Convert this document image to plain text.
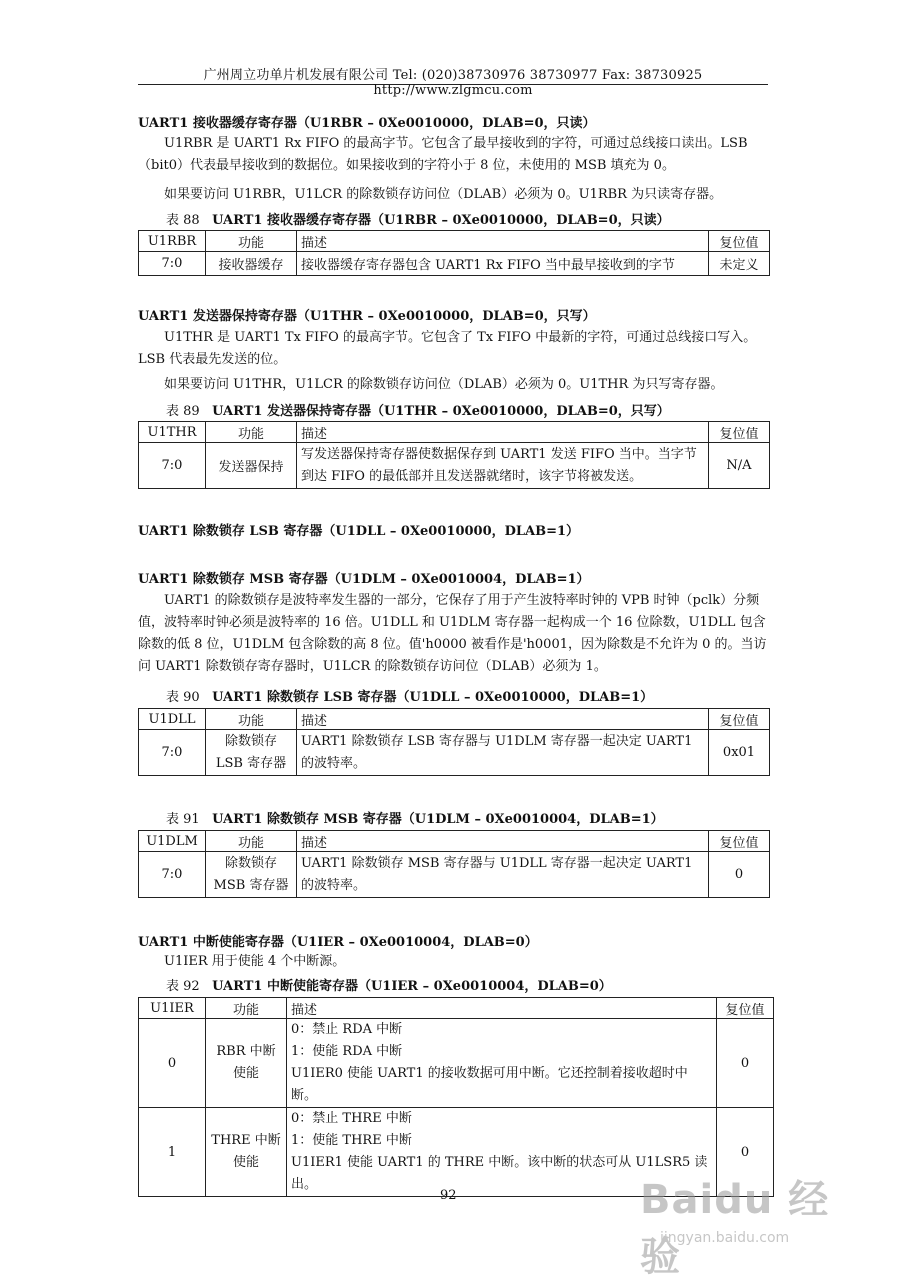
广州周立功单片机发展有限公司 Tel: (020)38730976 38730977 Fax: 38730925 http://www.zlgmcu.com
UART1 接收器缓存寄存器（U1RBR – 0Xe0010000，DLAB=0，只读）
U1RBR 是 UART1 Rx FIFO 的最高字节。它包含了最早接收到的字符，可通过总线接口读出。LSB（bit0）代表最早接收到的数据位。如果接收到的字符小于 8 位，未使用的 MSB 填充为 0。
如果要访问 U1RBR，U1LCR 的除数锁存访问位（DLAB）必须为 0。U1RBR 为只读寄存器。
表 88 UART1 接收器缓存寄存器（U1RBR – 0Xe0010000，DLAB=0，只读）
U1RBR	功能	描述	复位值
7:0	接收器缓存	接收器缓存寄存器包含 UART1 Rx FIFO 当中最早接收到的字节	未定义
UART1 发送器保持寄存器（U1THR – 0Xe0010000，DLAB=0，只写）
U1THR 是 UART1 Tx FIFO 的最高字节。它包含了 Tx FIFO 中最新的字符，可通过总线接口写入。LSB 代表最先发送的位。
如果要访问 U1THR，U1LCR 的除数锁存访问位（DLAB）必须为 0。U1THR 为只写寄存器。
表 89 UART1 发送器保持寄存器（U1THR – 0Xe0010000，DLAB=0，只写）
U1THR	功能	描述	复位值
7:0	发送器保持	写发送器保持寄存器使数据保存到 UART1 发送 FIFO 当中。当字节到达 FIFO 的最低部并且发送器就绪时，该字节将被发送。	N/A
UART1 除数锁存 LSB 寄存器（U1DLL – 0Xe0010000，DLAB=1）
UART1 除数锁存 MSB 寄存器（U1DLM – 0Xe0010004，DLAB=1）
UART1 的除数锁存是波特率发生器的一部分，它保存了用于产生波特率时钟的 VPB 时钟（pclk）分频值，波特率时钟必须是波特率的 16 倍。U1DLL 和 U1DLM 寄存器一起构成一个 16 位除数，U1DLL 包含除数的低 8 位，U1DLM 包含除数的高 8 位。值'h0000 被看作是'h0001，因为除数是不允许为 0 的。当访问 UART1 除数锁存寄存器时，U1LCR 的除数锁存访问位（DLAB）必须为 1。
表 90 UART1 除数锁存 LSB 寄存器（U1DLL – 0Xe0010000，DLAB=1）
U1DLL	功能	描述	复位值
7:0	除数锁存 LSB 寄存器	UART1 除数锁存 LSB 寄存器与 U1DLM 寄存器一起决定 UART1 的波特率。	0x01
表 91 UART1 除数锁存 MSB 寄存器（U1DLM – 0Xe0010004，DLAB=1）
U1DLM	功能	描述	复位值
7:0	除数锁存 MSB 寄存器	UART1 除数锁存 MSB 寄存器与 U1DLL 寄存器一起决定 UART1 的波特率。	0
UART1 中断使能寄存器（U1IER – 0Xe0010004，DLAB=0）
U1IER 用于使能 4 个中断源。
表 92 UART1 中断使能寄存器（U1IER – 0Xe0010004，DLAB=0）
U1IER	功能	描述	复位值
0	RBR 中断使能	0：禁止 RDA 中断
1：使能 RDA 中断
U1IER0 使能 UART1 的接收数据可用中断。它还控制着接收超时中断。	0
1	THRE 中断使能	0：禁止 THRE 中断
1：使能 THRE 中断
U1IER1 使能 UART1 的 THRE 中断。该中断的状态可从 U1LSR5 读出。	0
92	Baidu 经验
jingyan.baidu.com
